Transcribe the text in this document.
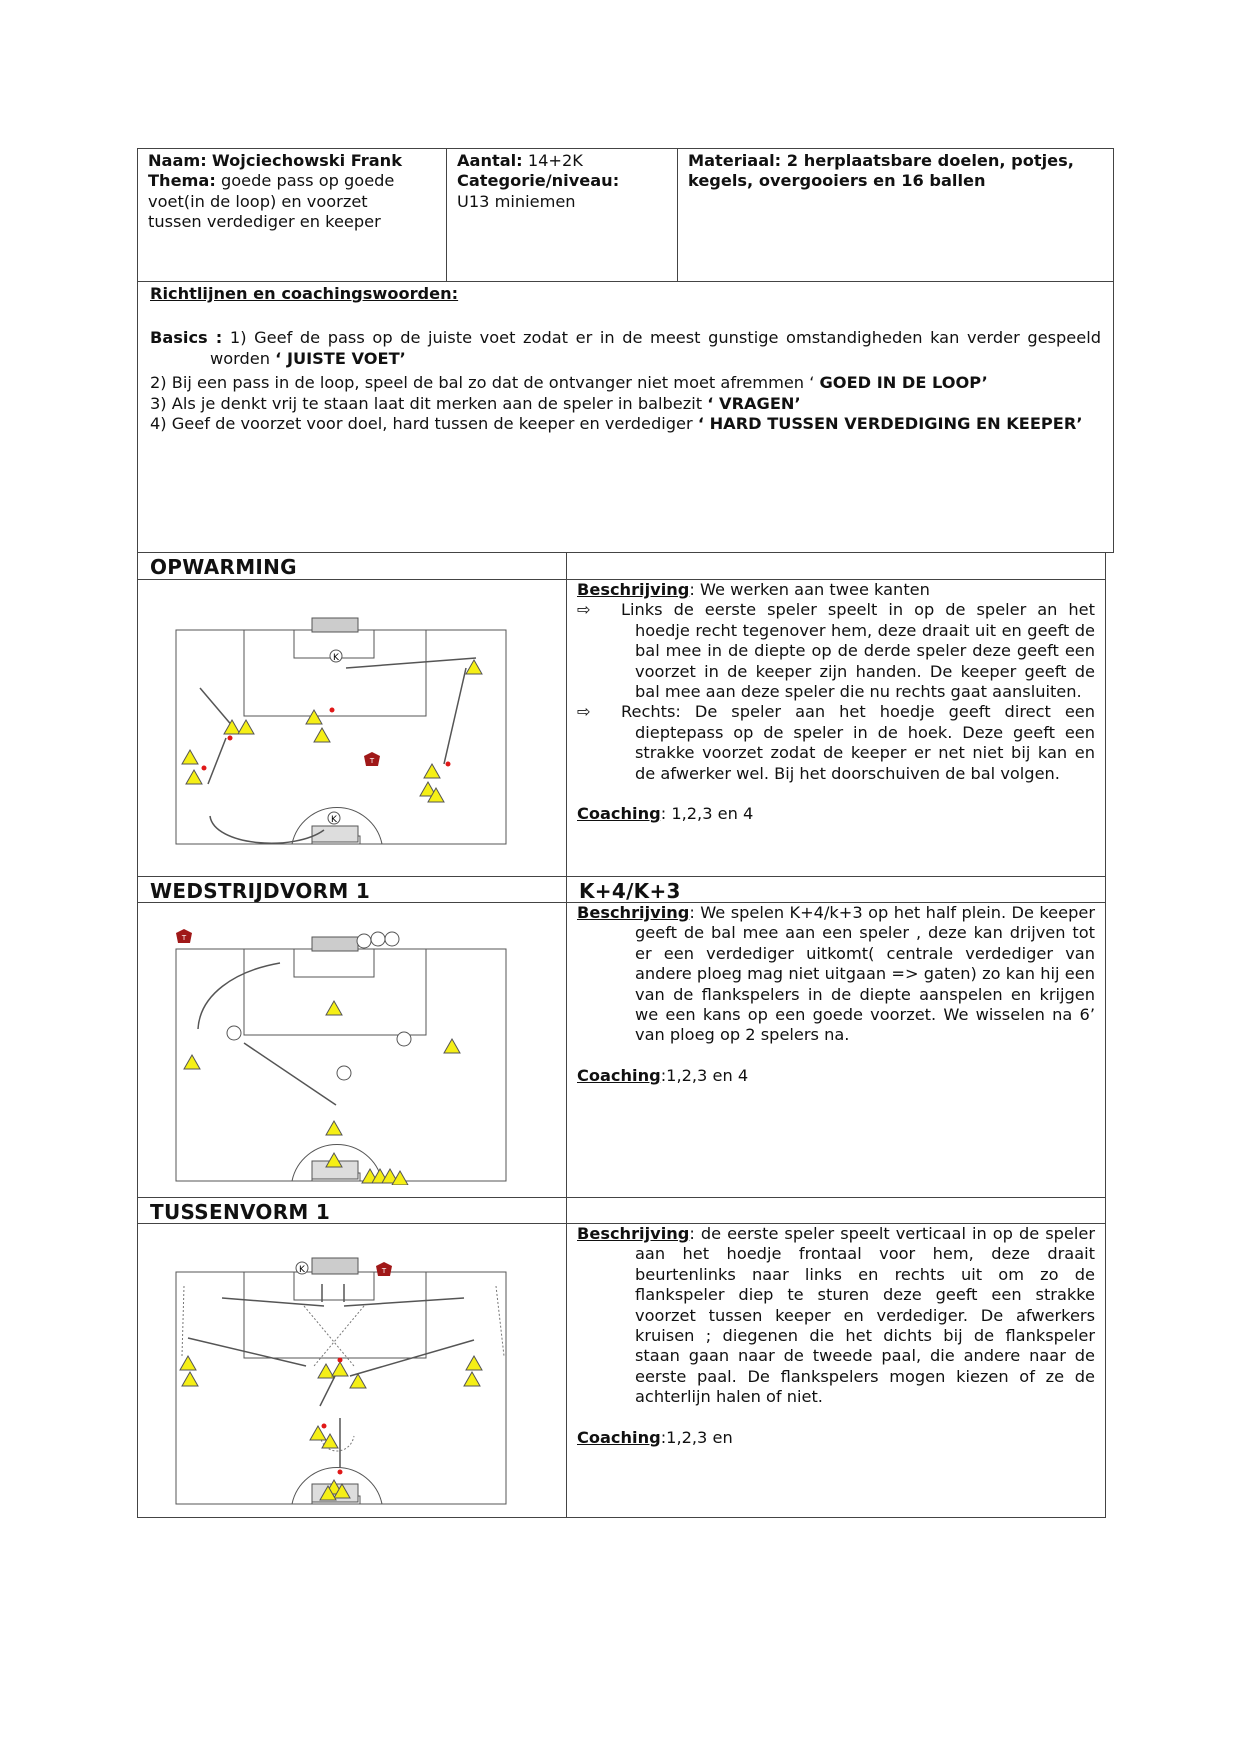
Naam: Wojciechowski Frank
Thema: goede pass op goede voet(in de loop) en voorzet tussen verdediger en keeper
Aantal: 14+2K
Categorie/niveau:
U13 miniemen
Materiaal: 2 herplaatsbare doelen, potjes, kegels, overgooiers en 16 ballen
Richtlijnen en coachingswoorden:
Basics : 1) Geef de pass op de juiste voet zodat er in de meest gunstige omstandigheden kan verder gespeeld worden ‘ JUISTE VOET’
2) Bij een pass in de loop, speel de bal zo dat de ontvanger niet moet afremmen ‘ GOED IN DE LOOP’
3) Als je denkt vrij te staan laat dit merken aan de speler in balbezit ‘ VRAGEN’
4) Geef de voorzet voor doel, hard tussen de keeper en verdediger ‘ HARD TUSSEN VERDEDIGING EN KEEPER’
OPWARMING
K
K
T
Beschrijving: We werken aan twee kanten
⇨ Links de eerste speler speelt in op de speler an het hoedje recht tegenover hem, deze draait uit en geeft de bal mee in de diepte op de derde speler deze geeft een voorzet in de keeper zijn handen. De keeper geeft de bal mee aan deze speler die nu rechts gaat aansluiten.
⇨ Rechts: De speler aan het hoedje geeft direct een dieptepass op de speler in de hoek. Deze geeft een strakke voorzet zodat de keeper er net niet bij kan en de afwerker wel. Bij het doorschuiven de bal volgen.
Coaching: 1,2,3 en 4
WEDSTRIJDVORM 1	K+4/K+3
T
Beschrijving: We spelen K+4/k+3 op het half plein. De keeper geeft de bal mee aan een speler , deze kan drijven tot er een verdediger uitkomt( centrale verdediger van andere ploeg mag niet uitgaan => gaten) zo kan hij een van de flankspelers in de diepte aanspelen en krijgen we een kans op een goede voorzet. We wisselen na 6’ van ploeg op 2 spelers na.
Coaching:1,2,3 en 4
TUSSENVORM 1
K	T
Beschrijving: de eerste speler speelt verticaal in op de speler aan het hoedje frontaal voor hem, deze draait beurtenlinks naar links en rechts uit om zo de flankspeler diep te sturen deze geeft een strakke voorzet tussen keeper en verdediger. De afwerkers kruisen ; diegenen die het dichts bij de flankspeler staan gaan naar de tweede paal, die andere naar de eerste paal. De flankspelers mogen kiezen of ze de achterlijn halen of niet.
Coaching:1,2,3 en
